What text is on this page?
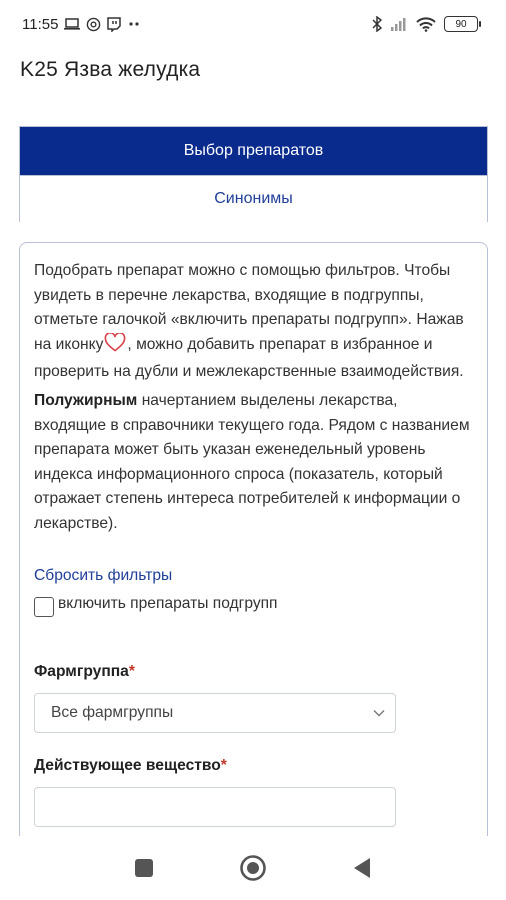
11:55	90
K25 Язва желудка
Выбор препаратов
Синонимы

Подобрать препарат можно с помощью фильтров. Чтобы увидеть в перечне лекарства, входящие в подгруппы, отметьте галочкой «включить препараты подгрупп». Нажав на иконку , можно добавить препарат в избранное и проверить на дубли и межлекарственные взаимодействия.

Полужирным начертанием выделены лекарства, входящие в справочники текущего года. Рядом с названием препарата может быть указан еженедельный уровень индекса информационного спроса (показатель, который отражает степень интереса потребителей к информации о лекарстве).

Сбросить фильтры
включить препараты подгрупп
Фармгруппа*
Все фармгруппы
Действующее вещество*
